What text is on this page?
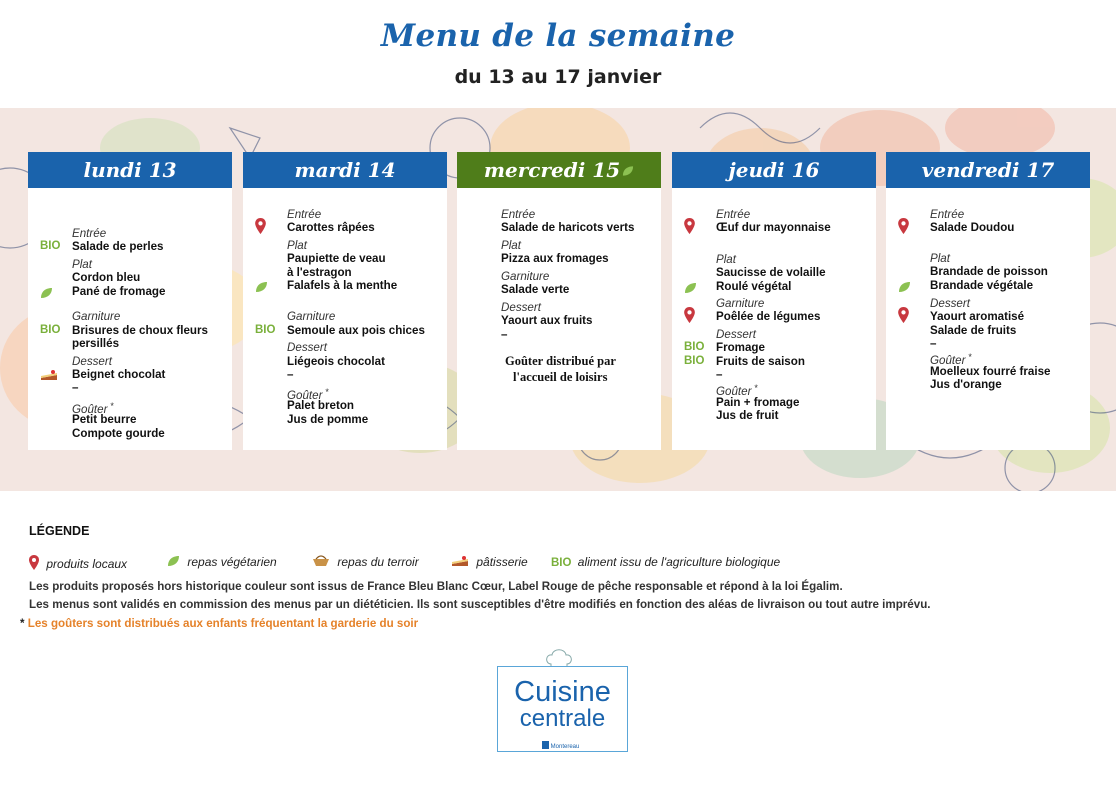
Menu de la semaine
du 13 au 17 janvier
lundi 13
Entrée
Salade de perles
BIO
Plat
Cordon bleu
Pané de fromage
Garniture
Brisures de choux fleurs
BIO
persillés
Dessert
Beignet chocolat
–
Goûter *
Petit beurre
Compote gourde
mardi 14
Entrée
Carottes râpées
Plat
Paupiette de veau
à l'estragon
Falafels à la menthe
Garniture
Semoule aux pois chices
BIO
Dessert
Liégeois chocolat
–
Goûter *
Palet breton
Jus de pomme
mercredi 15
Entrée
Salade de haricots verts
Plat
Pizza aux fromages
Garniture
Salade verte
Dessert
Yaourt aux fruits
–
Goûter distribué par
l'accueil de loisirs
jeudi 16
Entrée
Œuf dur mayonnaise
Plat
Saucisse de volaille
Roulé végétal
Garniture
Poêlée de légumes
Dessert
Fromage
BIO
Fruits de saison
BIO
–
Goûter *
Pain + fromage
Jus de fruit
vendredi 17
Entrée
Salade Doudou
Plat
Brandade de poisson
Brandade végétale
Dessert
Yaourt aromatisé
Salade de fruits
–
Goûter *
Moelleux fourré fraise
Jus d'orange
LÉGENDE
produits locaux	repas végétarien	repas du terroir	pâtisserie BIO aliment issu de l'agriculture biologique
Les produits proposés hors historique couleur sont issus de France Bleu Blanc Cœur, Label Rouge de pêche responsable et répond à la loi Égalim.
Les menus sont validés en commission des menus par un diététicien. Ils sont susceptibles d'être modifiés en fonction des aléas de livraison ou tout autre imprévu.
* Les goûters sont distribués aux enfants fréquentant la garderie du soir
Cuisine
centrale
Montereau
